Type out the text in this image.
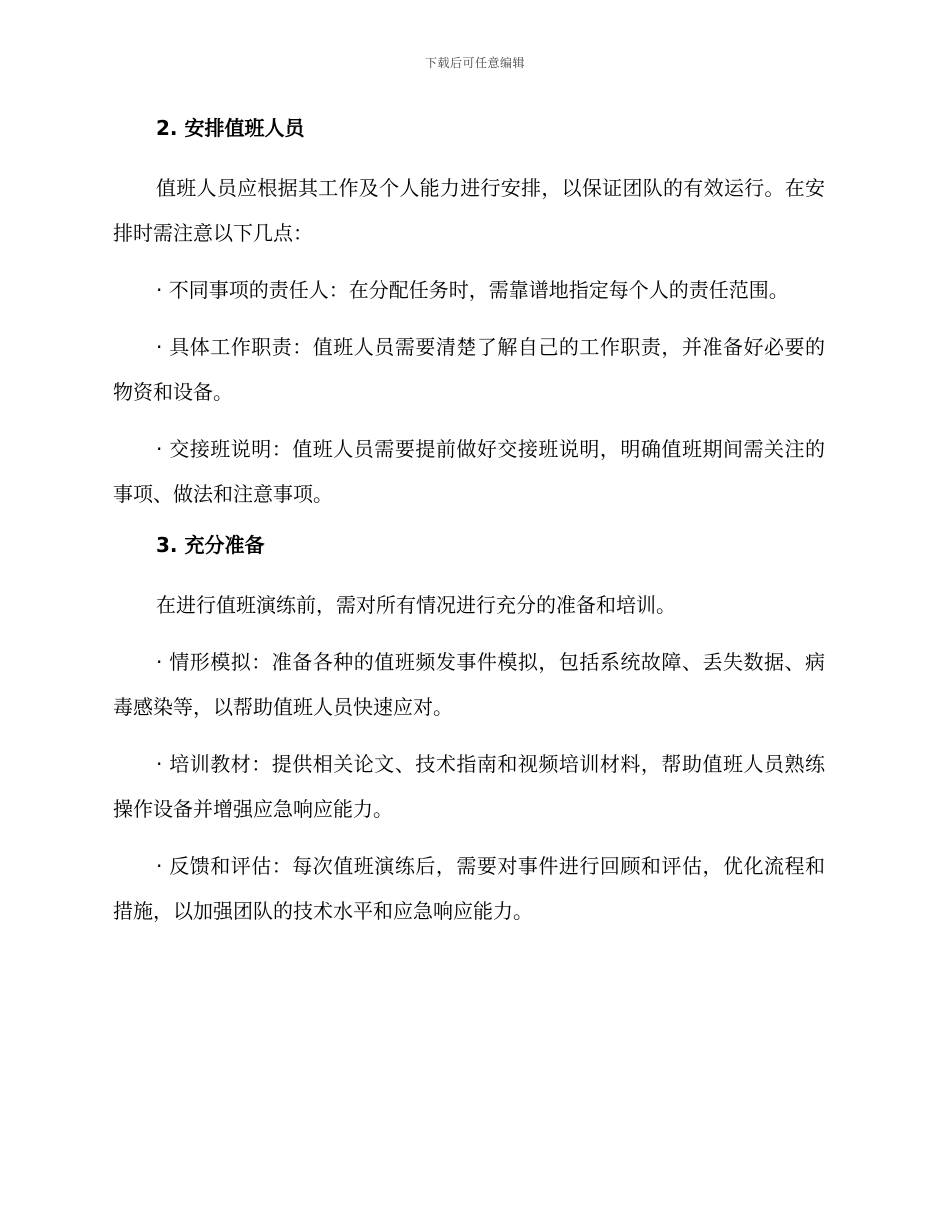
下载后可任意编辑
2. 安排值班人员

值班人员应根据其工作及个人能力进行安排，以保证团队的有效运行。在安排时需注意以下几点：

· 不同事项的责任人：在分配任务时，需靠谱地指定每个人的责任范围。

· 具体工作职责：值班人员需要清楚了解自己的工作职责，并准备好必要的物资和设备。

· 交接班说明：值班人员需要提前做好交接班说明，明确值班期间需关注的事项、做法和注意事项。

3. 充分准备

在进行值班演练前，需对所有情况进行充分的准备和培训。

· 情形模拟：准备各种的值班频发事件模拟，包括系统故障、丢失数据、病毒感染等，以帮助值班人员快速应对。

· 培训教材：提供相关论文、技术指南和视频培训材料，帮助值班人员熟练操作设备并增强应急响应能力。

· 反馈和评估：每次值班演练后，需要对事件进行回顾和评估，优化流程和措施，以加强团队的技术水平和应急响应能力。
